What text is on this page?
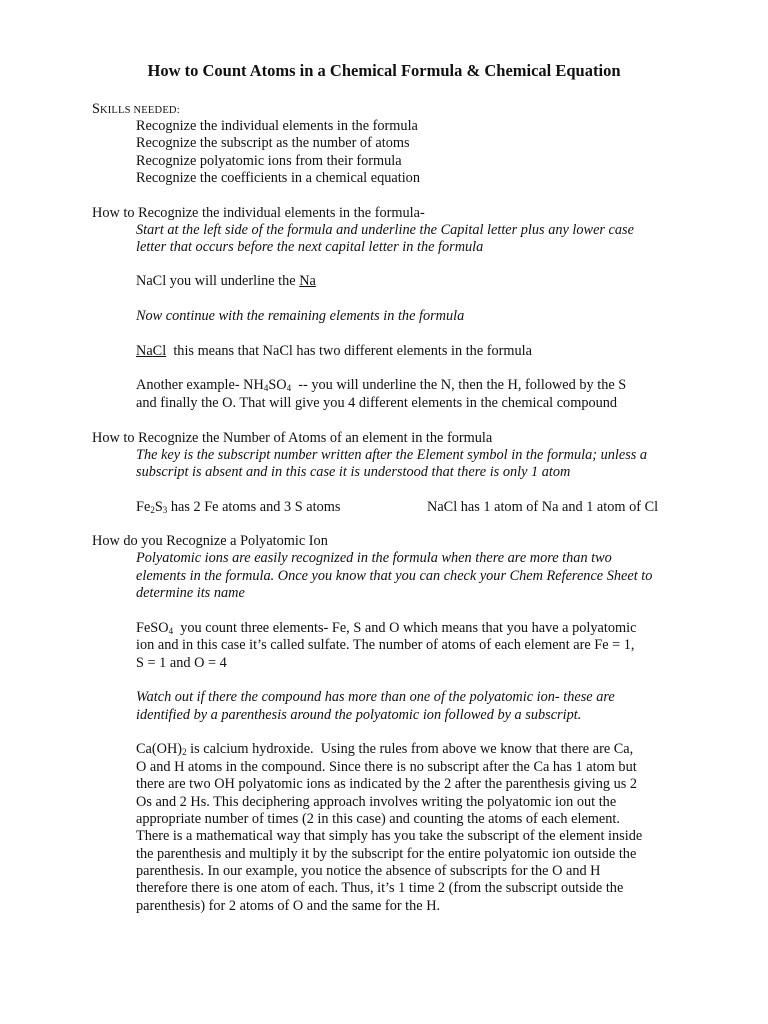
How to Count Atoms in a Chemical Formula & Chemical Equation
SKILLS NEEDED:
Recognize the individual elements in the formula
Recognize the subscript as the number of atoms
Recognize polyatomic ions from their formula
Recognize the coefficients in a chemical equation
How to Recognize the individual elements in the formula-
Start at the left side of the formula and underline the Capital letter plus any lower case
letter that occurs before the next capital letter in the formula
NaCl you will underline the Na
Now continue with the remaining elements in the formula
NaCl  this means that NaCl has two different elements in the formula
Another example- $NH_4SO_4$  -- you will underline the N, then the H, followed by the S
and finally the O. That will give you 4 different elements in the chemical compound
How to Recognize the Number of Atoms of an element in the formula
The key is the subscript number written after the Element symbol in the formula; unless a
subscript is absent and in this case it is understood that there is only 1 atom
$Fe_2S_3$ has 2 Fe atoms and 3 S atoms	NaCl has 1 atom of Na and 1 atom of Cl
How do you Recognize a Polyatomic Ion
Polyatomic ions are easily recognized in the formula when there are more than two
elements in the formula. Once you know that you can check your Chem Reference Sheet to
determine its name
FeSO$_4$  you count three elements- Fe, S and O which means that you have a polyatomic
ion and in this case it’s called sulfate. The number of atoms of each element are Fe = 1,
S = 1 and O = 4
Watch out if there the compound has more than one of the polyatomic ion- these are
identified by a parenthesis around the polyatomic ion followed by a subscript.
$Ca(OH)_2$ is calcium hydroxide.  Using the rules from above we know that there are Ca,
O and H atoms in the compound. Since there is no subscript after the Ca has 1 atom but
there are two OH polyatomic ions as indicated by the 2 after the parenthesis giving us 2
Os and 2 Hs. This deciphering approach involves writing the polyatomic ion out the
appropriate number of times (2 in this case) and counting the atoms of each element.
There is a mathematical way that simply has you take the subscript of the element inside
the parenthesis and multiply it by the subscript for the entire polyatomic ion outside the
parenthesis. In our example, you notice the absence of subscripts for the O and H
therefore there is one atom of each. Thus, it’s 1 time 2 (from the subscript outside the
parenthesis) for 2 atoms of O and the same for the H.
